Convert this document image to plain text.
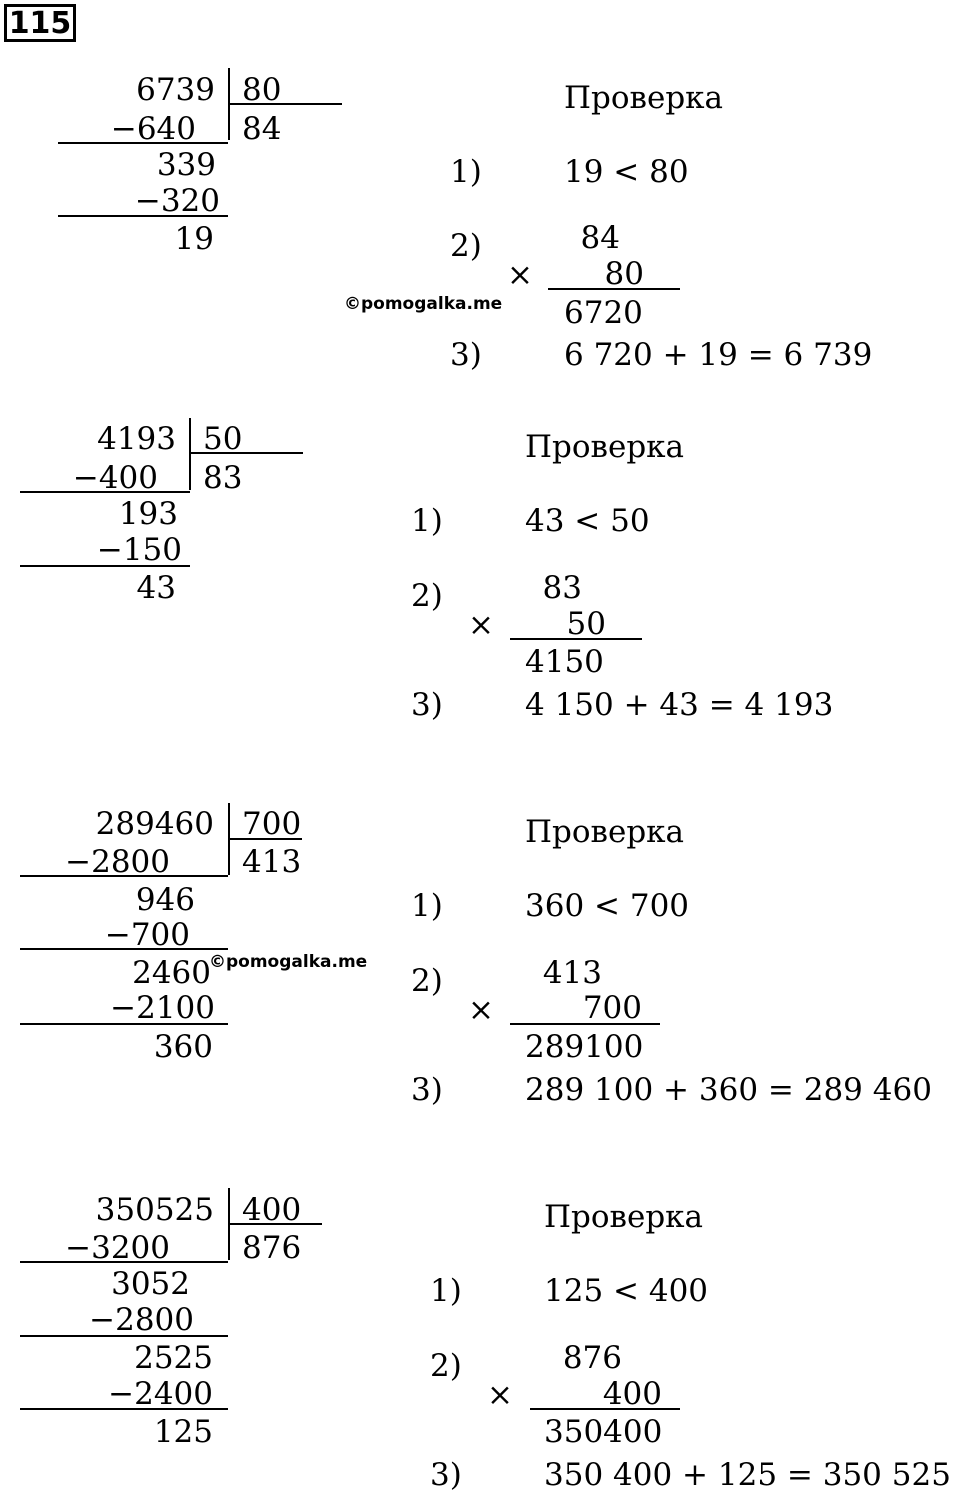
115
6739 80
84
−640
339
−320
19
©pomogalka.me
Проверка
1)	19 < 80
2)
×
84
80
6720
3)	6 720 + 19 = 6 739
4193 50
83
−400
193
−150
43
Проверка
1)	43 < 50
2)
×
83
50
4150
3)	4 150 + 43 = 4 193
289460 700
413
−2800
946
−700
2460
−2100
360
©pomogalka.me
Проверка
1)	360 < 700
2)
×
413
700
289100
3)	289 100 + 360 = 289 460
350525 400
876
−3200
3052
−2800
2525
−2400
125
Проверка
1)	125 < 400
2)
×
876
400
350400
3)	350 400 + 125 = 350 525
